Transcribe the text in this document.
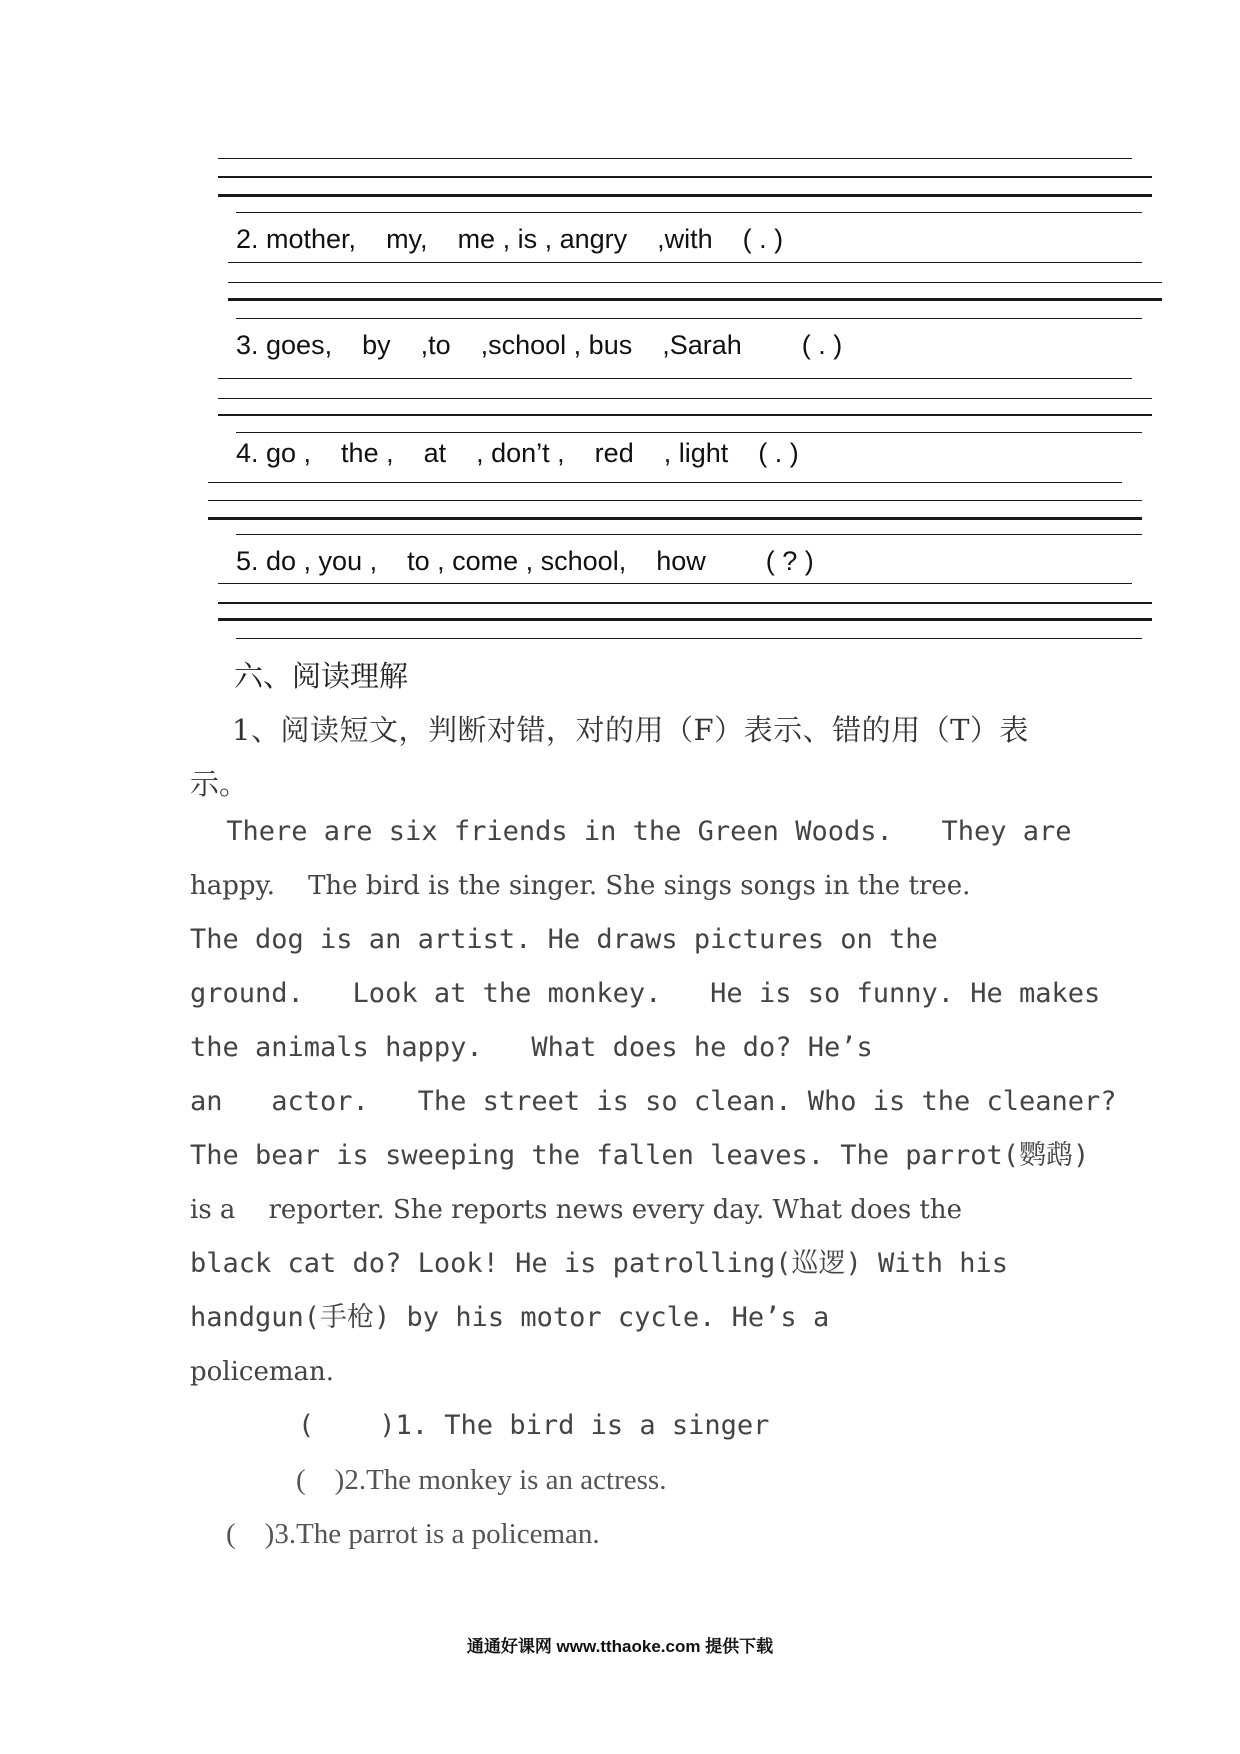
2. mother,    my,    me , is , angry    ,with    ( . )
3. goes,    by    ,to    ,school , bus    ,Sarah        ( . )
4. go ,    the ,    at    , don’t ,    red    , light    ( . )
5. do , you ,    to , come , school,    how        ( ? )
六、阅读理解
1、阅读短文，判断对错，对的用（F）表示、错的用（T）表
示。
There are six friends in the Green Woods.   They are
happy.    The bird is the singer. She sings songs in the tree.
The dog is an artist. He draws pictures on the
ground.   Look at the monkey.   He is so funny. He makes
the animals happy.   What does he do? He’s
an   actor.   The street is so clean. Who is the cleaner?
The bear is sweeping the fallen leaves. The parrot(鹦鹉)
is a    reporter. She reports news every day. What does the
black cat do? Look! He is patrolling(巡逻) With his
handgun(手枪) by his motor cycle. He’s a
policeman.
(    )1. The bird is a singer
(    )2.The monkey is an actress.
(    )3.The parrot is a policeman.
通通好课网 www.tthaoke.com 提供下载
